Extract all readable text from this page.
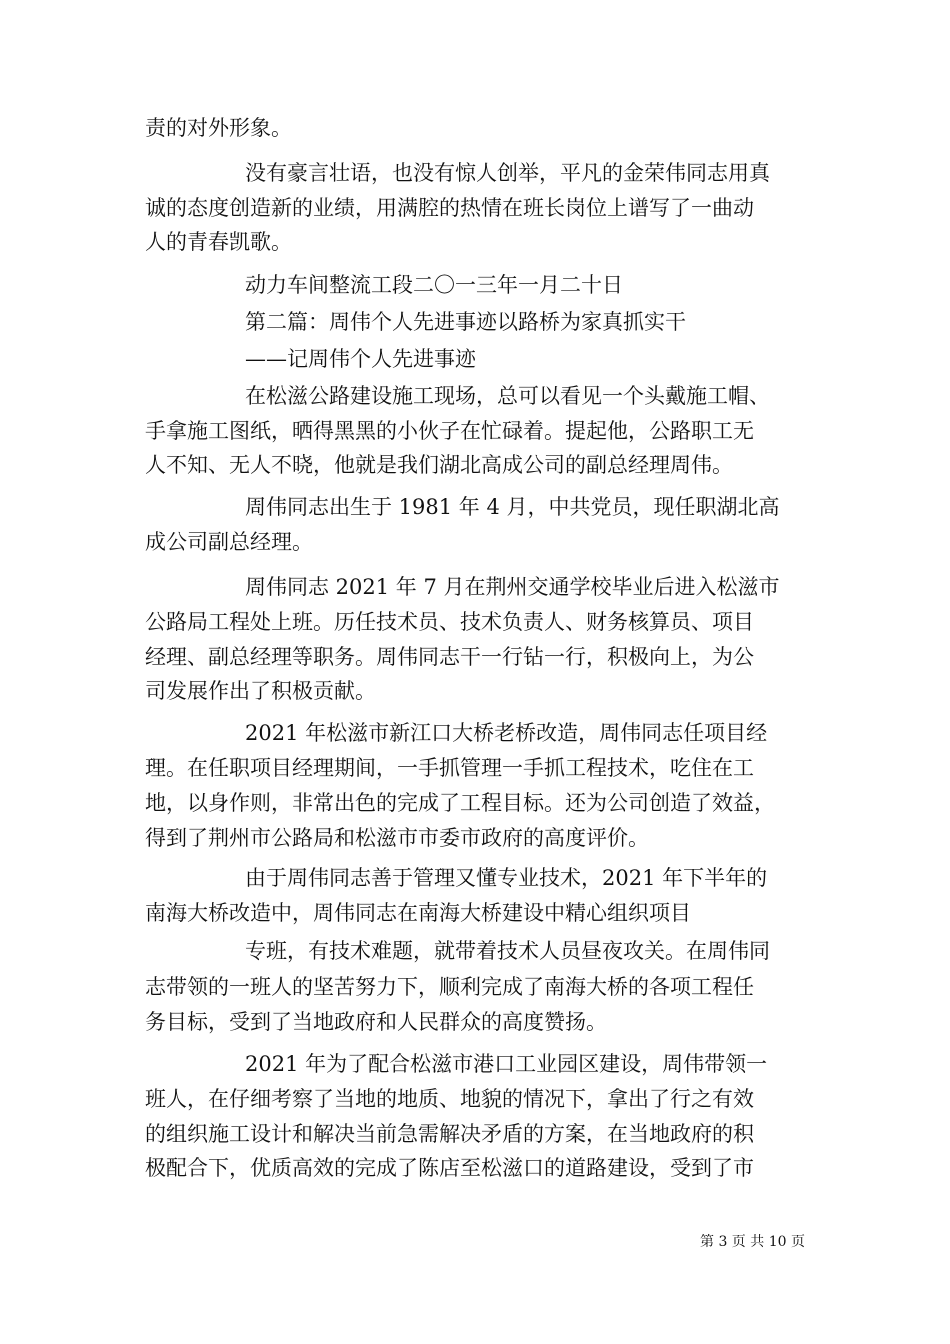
责的对外形象。
没有豪言壮语，也没有惊人创举，平凡的金荣伟同志用真
诚的态度创造新的业绩，用满腔的热情在班长岗位上谱写了一曲动
人的青春凯歌。
动力车间整流工段二〇一三年一月二十日
第二篇：周伟个人先进事迹以路桥为家真抓实干
——记周伟个人先进事迹
在松滋公路建设施工现场，总可以看见一个头戴施工帽、
手拿施工图纸，晒得黑黑的小伙子在忙碌着。提起他，公路职工无
人不知、无人不晓，他就是我们湖北高成公司的副总经理周伟。
周伟同志出生于 1981 年 4 月，中共党员，现任职湖北高
成公司副总经理。
周伟同志 2021 年 7 月在荆州交通学校毕业后进入松滋市
公路局工程处上班。历任技术员、技术负责人、财务核算员、项目
经理、副总经理等职务。周伟同志干一行钻一行，积极向上，为公
司发展作出了积极贡献。
2021 年松滋市新江口大桥老桥改造，周伟同志任项目经
理。在任职项目经理期间，一手抓管理一手抓工程技术，吃住在工
地，以身作则，非常出色的完成了工程目标。还为公司创造了效益，
得到了荆州市公路局和松滋市市委市政府的高度评价。
由于周伟同志善于管理又懂专业技术，2021 年下半年的
南海大桥改造中，周伟同志在南海大桥建设中精心组织项目
专班，有技术难题，就带着技术人员昼夜攻关。在周伟同
志带领的一班人的坚苦努力下，顺利完成了南海大桥的各项工程任
务目标，受到了当地政府和人民群众的高度赞扬。
2021 年为了配合松滋市港口工业园区建设，周伟带领一
班人，在仔细考察了当地的地质、地貌的情况下，拿出了行之有效
的组织施工设计和解决当前急需解决矛盾的方案，在当地政府的积
极配合下，优质高效的完成了陈店至松滋口的道路建设，受到了市
第 3 页 共 10 页
